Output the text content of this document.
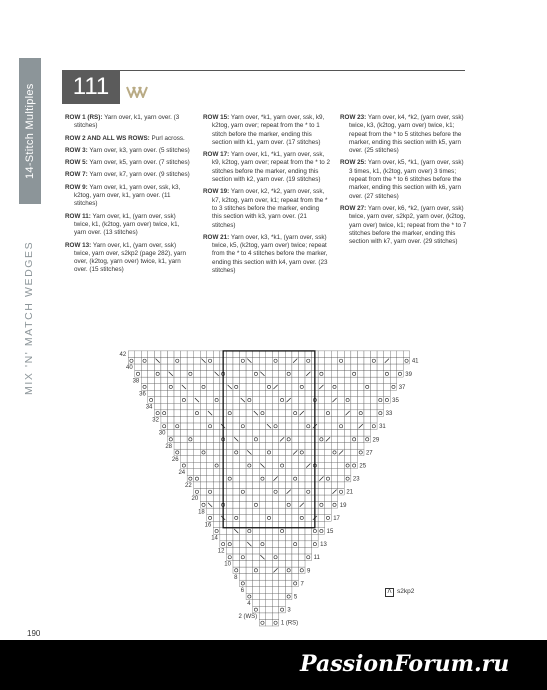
PassionForum.ru
14-Stitch Multiples
MIX 'N' MATCH WEDGES
190
111

ROW 1 (RS): Yarn over, k1, yarn over. (3 stitches)

ROW 2 AND ALL WS ROWS: Purl across.

ROW 3: Yarn over, k3, yarn over. (5 stitches)

ROW 5: Yarn over, k5, yarn over. (7 stitches)

ROW 7: Yarn over, k7, yarn over. (9 stitches)

ROW 9: Yarn over, k1, yarn over, ssk, k3, k2tog, yarn over, k1, yarn over. (11 stitches)

ROW 11: Yarn over, k1, (yarn over, ssk) twice, k1, (k2tog, yarn over) twice, k1, yarn over. (13 stitches)

ROW 13: Yarn over, k1, (yarn over, ssk) twice, yarn over, s2kp2 (page 282), yarn over, (k2tog, yarn over) twice, k1, yarn over. (15 stitches)

ROW 15: Yarn over, *k1, yarn over, ssk, k9, k2tog, yarn over; repeat from the * to 1 stitch before the marker, ending this section with k1, yarn over. (17 stitches)

ROW 17: Yarn over, k1, *k1, yarn over, ssk, k9, k2tog, yarn over; repeat from the * to 2 stitches before the marker, ending this section with k2, yarn over. (19 stitches)

ROW 19: Yarn over, k2, *k2, yarn over, ssk, k7, k2tog, yarn over, k1; repeat from the * to 3 stitches before the marker, ending this section with k3, yarn over. (21 stitches)

ROW 21: Yarn over, k3, *k1, (yarn over, ssk) twice, k5, (k2tog, yarn over) twice; repeat from the * to 4 stitches before the marker, ending this section with k4, yarn over. (23 stitches)

ROW 23: Yarn over, k4, *k2, (yarn over, ssk) twice, k3, (k2tog, yarn over) twice, k1; repeat from the * to 5 stitches before the marker, ending this section with k5, yarn over. (25 stitches)

ROW 25: Yarn over, k5, *k1, (yarn over, ssk) 3 times, k1, (k2tog, yarn over) 3 times; repeat from the * to 6 stitches before the marker, ending this section with k6, yarn over. (27 stitches)

ROW 27: Yarn over, k6, *k2, (yarn over, ssk) twice, yarn over, s2kp2, yarn over, (k2tog, yarn over) twice, k1; repeat from the * to 7 stitches before the marker, ending this section with k7, yarn over. (29 stitches)

1 (RS)
3
5
7
9
11
13
15
17
19
21
23
25
27
29
31
33
35
37
39
41
2 (WS)
4
6
8
10
12
14
16
18
20
22
24
26
28
30
32
34
36
38
40
42
Λ s2kp2
